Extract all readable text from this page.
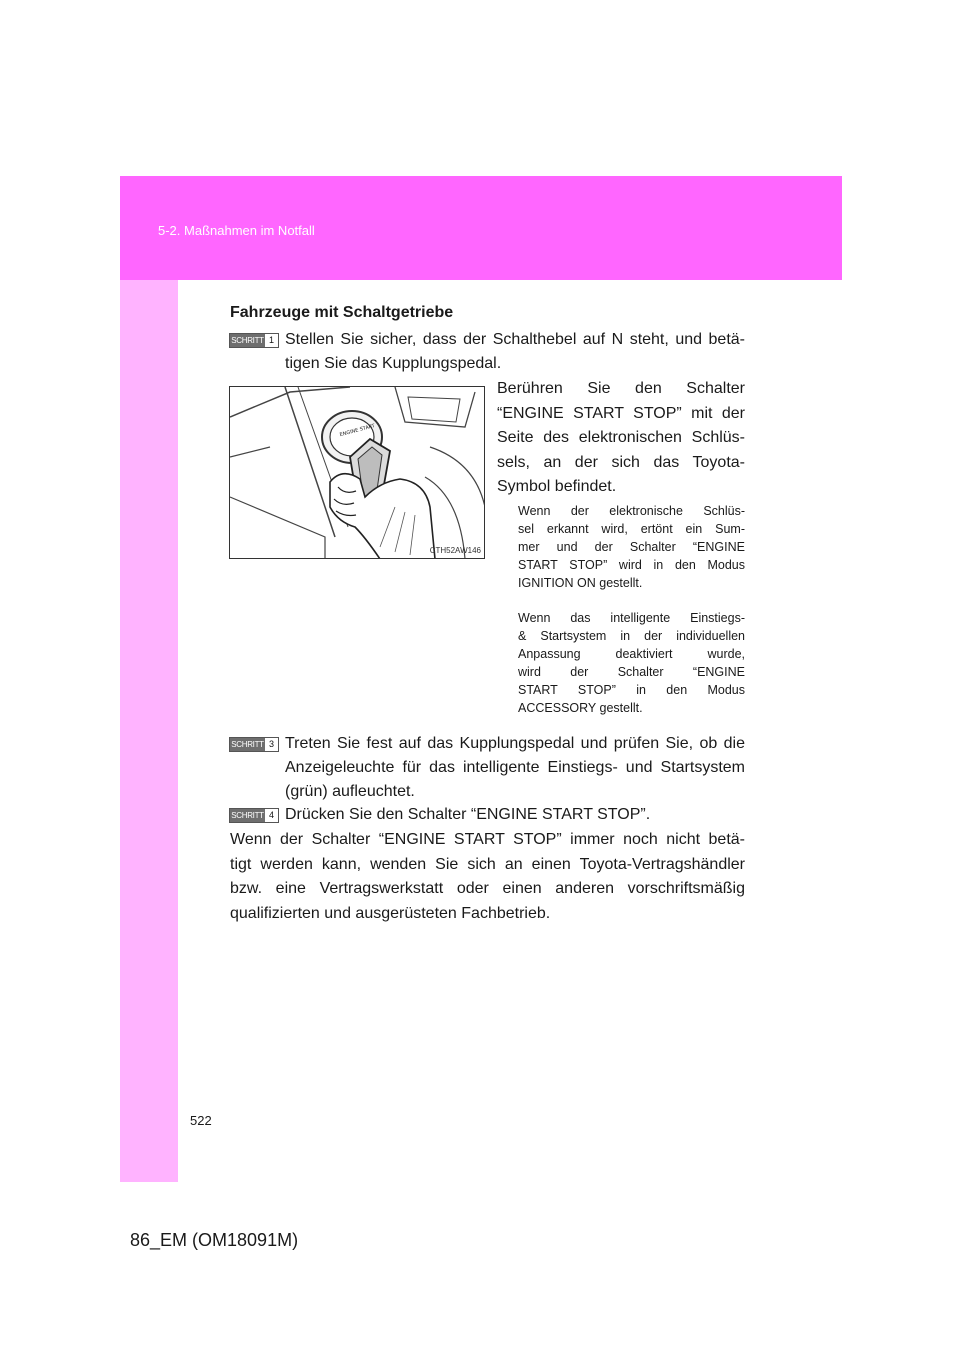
5-2. Maßnahmen im Notfall
Fahrzeuge mit Schaltgetriebe
SCHRITT 1 Stellen Sie sicher, dass der Schalthebel auf N steht, und betä-
tigen Sie das Kupplungspedal.
ENGINE START
CTH52AW146
Berühren Sie den Schalter
“ENGINE START STOP” mit der
Seite des elektronischen Schlüs-
sels, an der sich das Toyota-
Symbol befindet.
Wenn der elektronische Schlüs-
sel erkannt wird, ertönt ein Sum-
mer und der Schalter “ENGINE
START STOP” wird in den Modus
IGNITION ON gestellt.
Wenn das intelligente Einstiegs-
& Startsystem in der individuellen
Anpassung deaktiviert wurde,
wird der Schalter “ENGINE
START STOP” in den Modus
ACCESSORY gestellt.
SCHRITT 3 Treten Sie fest auf das Kupplungspedal und prüfen Sie, ob die
Anzeigeleuchte für das intelligente Einstiegs- und Startsystem
(grün) aufleuchtet.
SCHRITT 4 Drücken Sie den Schalter “ENGINE START STOP”.
Wenn der Schalter “ENGINE START STOP” immer noch nicht betä-
tigt werden kann, wenden Sie sich an einen Toyota-Vertragshändler
bzw. eine Vertragswerkstatt oder einen anderen vorschriftsmäßig
qualifizierten und ausgerüsteten Fachbetrieb.
522
86_EM (OM18091M)
